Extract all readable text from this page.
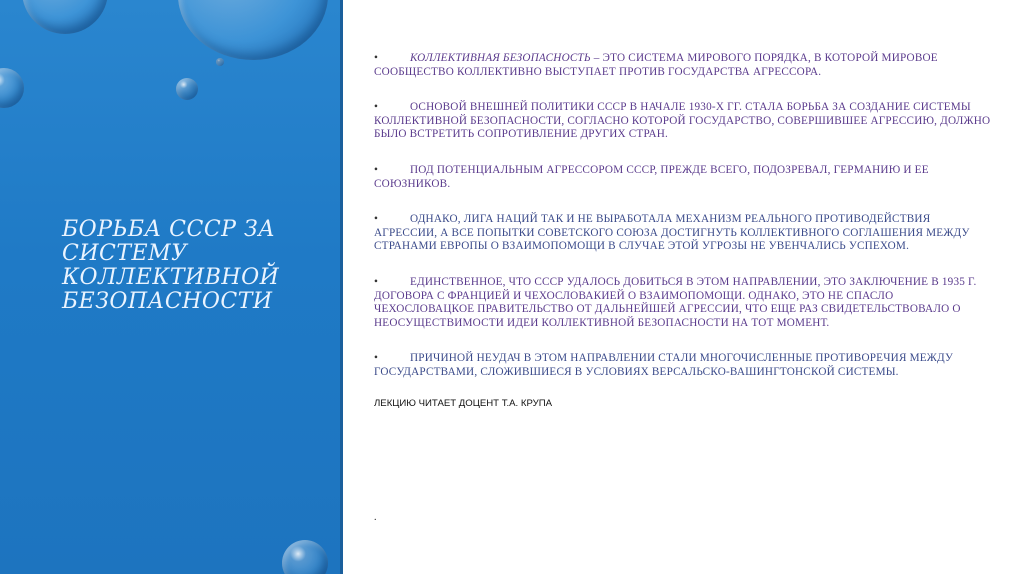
БОРЬБА СССР ЗА СИСТЕМУ КОЛЛЕКТИВНОЙ БЕЗОПАСНОСТИ

•	КОЛЛЕКТИВНАЯ БЕЗОПАСНОСТЬ – ЭТО СИСТЕМА МИРОВОГО ПОРЯДКА, В КОТОРОЙ МИРОВОЕ СООБЩЕСТВО КОЛЛЕКТИВНО ВЫСТУПАЕТ ПРОТИВ ГОСУДАРСТВА АГРЕССОРА.

•	ОСНОВОЙ ВНЕШНЕЙ ПОЛИТИКИ СССР В НАЧАЛЕ 1930-Х ГГ. СТАЛА БОРЬБА ЗА СОЗДАНИЕ СИСТЕМЫ КОЛЛЕКТИВНОЙ БЕЗОПАСНОСТИ, СОГЛАСНО КОТОРОЙ ГОСУДАРСТВО, СОВЕРШИВШЕЕ АГРЕССИЮ, ДОЛЖНО БЫЛО ВСТРЕТИТЬ СОПРОТИВЛЕНИЕ ДРУГИХ СТРАН.

•	ПОД ПОТЕНЦИАЛЬНЫМ АГРЕССОРОМ СССР, ПРЕЖДЕ ВСЕГО, ПОДОЗРЕВАЛ, ГЕРМАНИЮ И ЕЕ СОЮЗНИКОВ.

•	ОДНАКО, ЛИГА НАЦИЙ ТАК И НЕ ВЫРАБОТАЛА МЕХАНИЗМ РЕАЛЬНОГО ПРОТИВОДЕЙСТВИЯ АГРЕССИИ, А ВСЕ ПОПЫТКИ СОВЕТСКОГО СОЮЗА ДОСТИГНУТЬ КОЛЛЕКТИВНОГО СОГЛАШЕНИЯ МЕЖДУ СТРАНАМИ ЕВРОПЫ О ВЗАИМОПОМОЩИ В СЛУЧАЕ ЭТОЙ УГРОЗЫ НЕ УВЕНЧАЛИСЬ УСПЕХОМ.

•	ЕДИНСТВЕННОЕ, ЧТО СССР УДАЛОСЬ ДОБИТЬСЯ В ЭТОМ НАПРАВЛЕНИИ, ЭТО ЗАКЛЮЧЕНИЕ В 1935 Г. ДОГОВОРА С ФРАНЦИЕЙ И ЧЕХОСЛОВАКИЕЙ О ВЗАИМОПОМОЩИ. ОДНАКО, ЭТО НЕ СПАСЛО ЧЕХОСЛОВАЦКОЕ ПРАВИТЕЛЬСТВО ОТ ДАЛЬНЕЙШЕЙ АГРЕССИИ, ЧТО ЕЩЕ РАЗ СВИДЕТЕЛЬСТВОВАЛО О НЕОСУЩЕСТВИМОСТИ ИДЕИ КОЛЛЕКТИВНОЙ БЕЗОПАСНОСТИ НА ТОТ МОМЕНТ.

•	ПРИЧИНОЙ НЕУДАЧ В ЭТОМ НАПРАВЛЕНИИ СТАЛИ МНОГОЧИСЛЕННЫЕ ПРОТИВОРЕЧИЯ МЕЖДУ ГОСУДАРСТВАМИ, СЛОЖИВШИЕСЯ В УСЛОВИЯХ ВЕРСАЛЬСКО-ВАШИНГТОНСКОЙ СИСТЕМЫ.

ЛЕКЦИЮ ЧИТАЕТ ДОЦЕНТ Т.А. КРУПА

.
